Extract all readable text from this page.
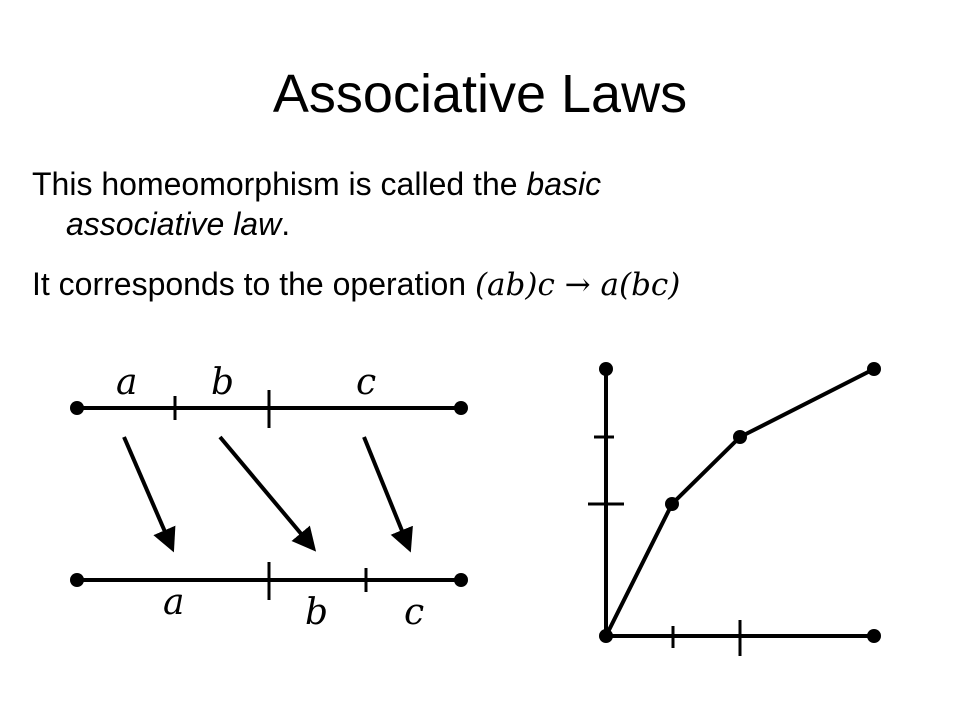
Associative Laws
This homeomorphism is called the basic
associative law.
It corresponds to the operation (ab)c → a(bc)
a b	c
a	b c
